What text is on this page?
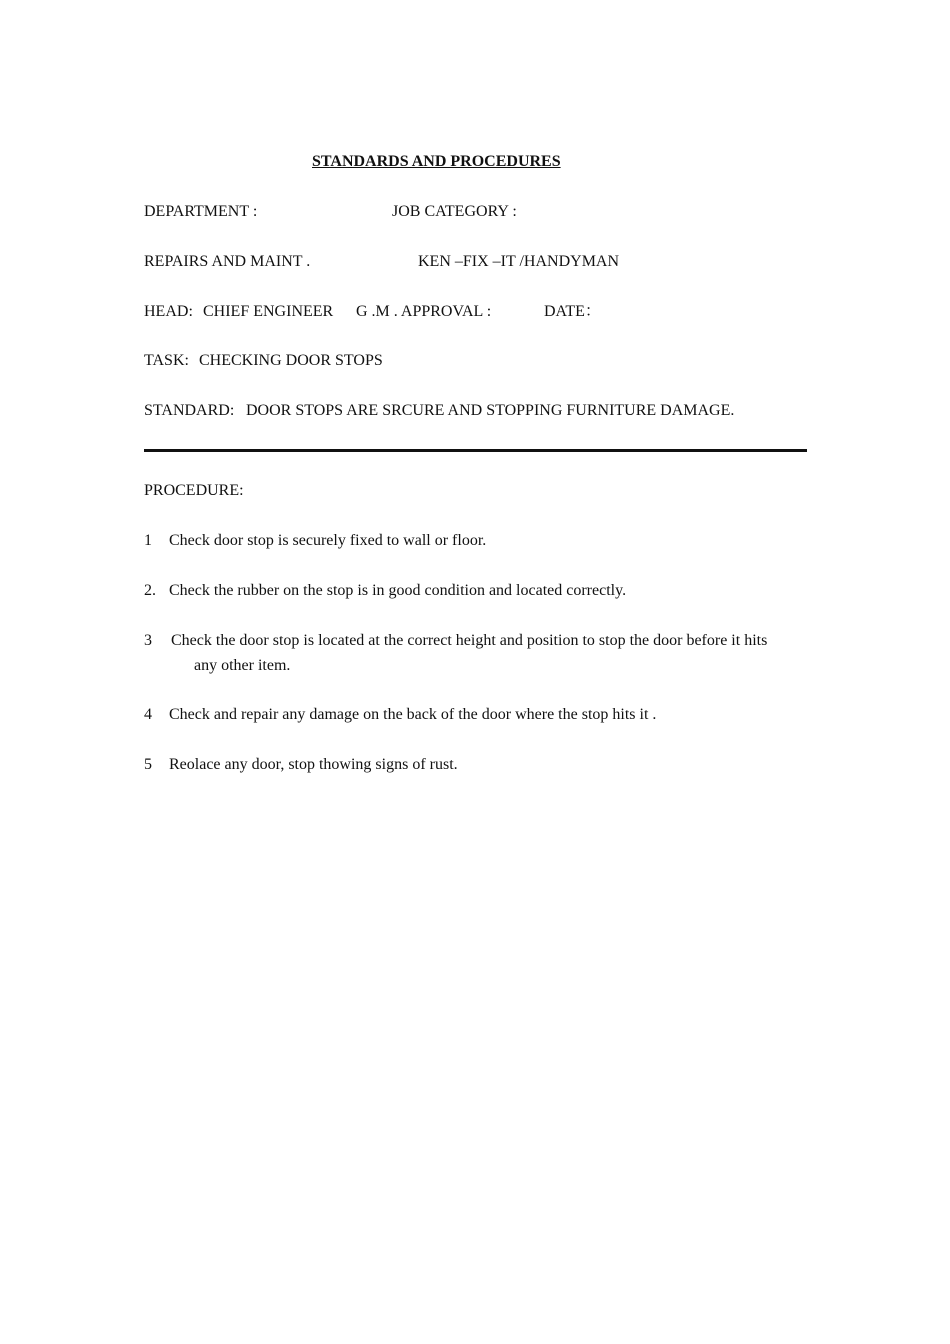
STANDARDS AND PROCEDURES
DEPARTMENT :	JOB CATEGORY :
REPAIRS AND MAINT .	KEN –FIX –IT /HANDYMAN
HEAD: CHIEF ENGINEER G .M . APPROVAL :	DATE：
TASK: CHECKING DOOR STOPS
STANDARD: DOOR STOPS ARE SRCURE AND STOPPING FURNITURE DAMAGE.
PROCEDURE:
1 Check door stop is securely fixed to wall or floor.
2. Check the rubber on the stop is in good condition and located correctly.
3 Check the door stop is located at the correct height and position to stop the door before it hits
any other item.
4 Check and repair any damage on the back of the door where the stop hits it .
5 Reolace any door, stop thowing signs of rust.
